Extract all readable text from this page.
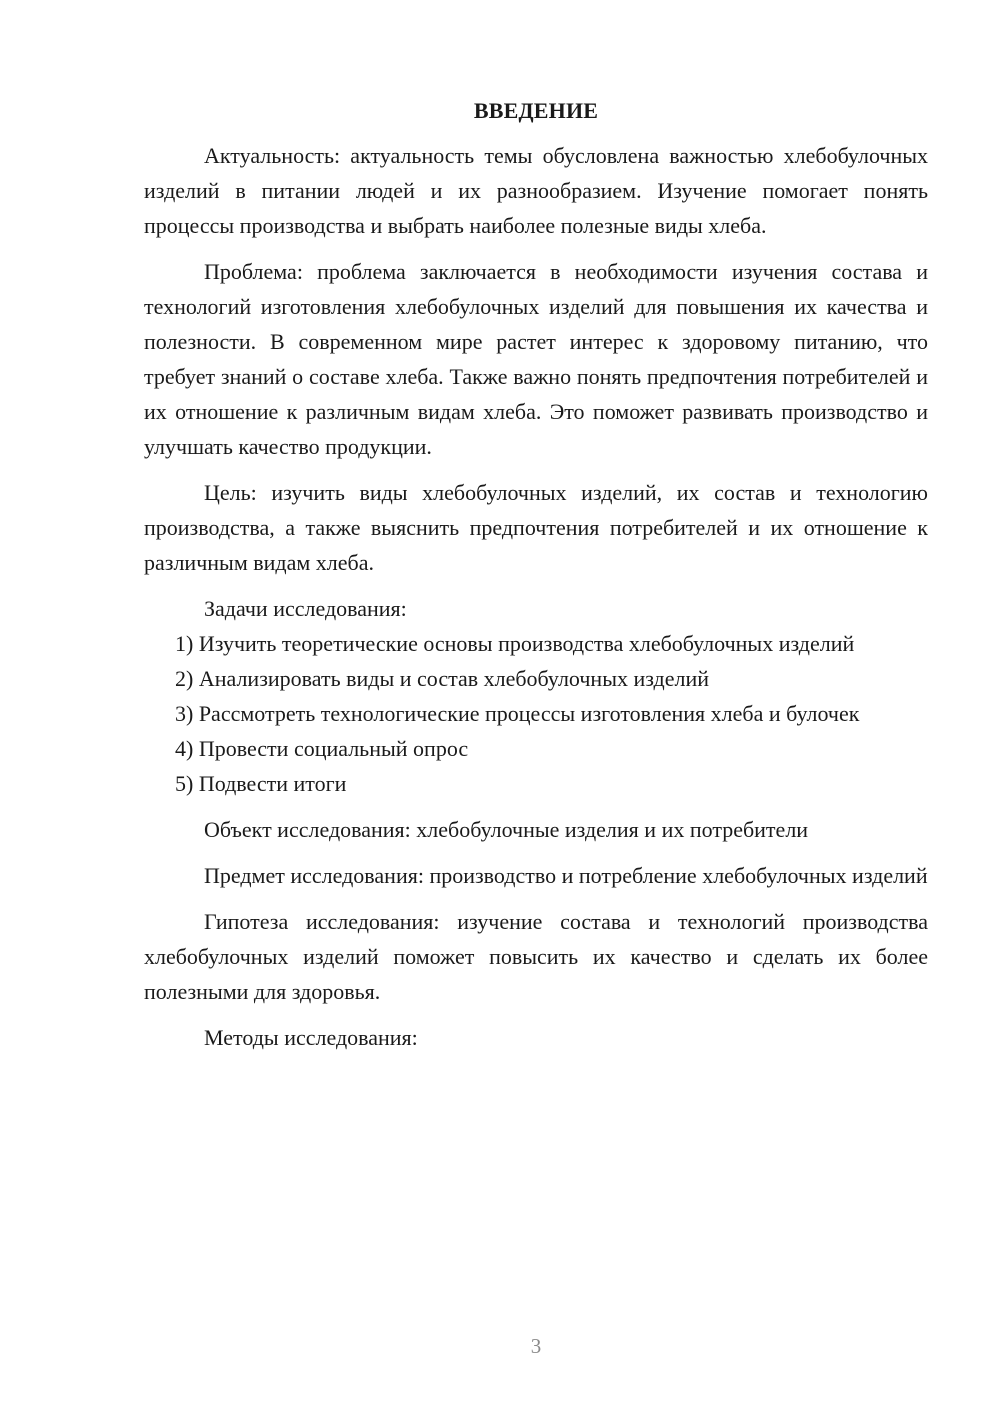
ВВЕДЕНИЕ

Актуальность: актуальность темы обусловлена важностью хлебобулочных изделий в питании людей и их разнообразием. Изучение помогает понять процессы производства и выбрать наиболее полезные виды хлеба.

Проблема: проблема заключается в необходимости изучения состава и технологий изготовления хлебобулочных изделий для повышения их качества и полезности. В современном мире растет интерес к здоровому питанию, что требует знаний о составе хлеба. Также важно понять предпочтения потребителей и их отношение к различным видам хлеба. Это поможет развивать производство и улучшать качество продукции.

Цель: изучить виды хлебобулочных изделий, их состав и технологию производства, а также выяснить предпочтения потребителей и их отношение к различным видам хлеба.

Задачи исследования:

1) Изучить теоретические основы производства хлебобулочных изделий

2) Анализировать виды и состав хлебобулочных изделий

3) Рассмотреть технологические процессы изготовления хлеба и булочек

4) Провести социальный опрос

5) Подвести итоги

Объект исследования: хлебобулочные изделия и их потребители

Предмет исследования: производство и потребление хлебобулочных изделий

Гипотеза исследования: изучение состава и технологий производства хлебобулочных изделий поможет повысить их качество и сделать их более полезными для здоровья.

Методы исследования:

3
